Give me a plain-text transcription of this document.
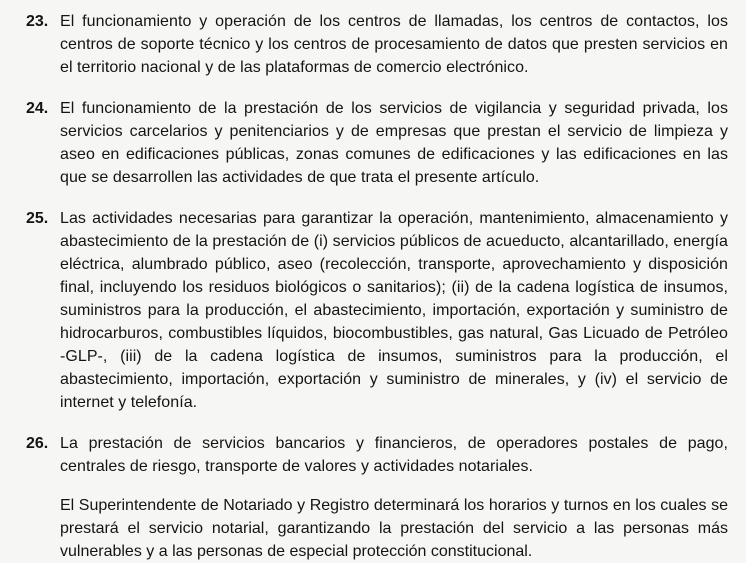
23. El funcionamiento y operación de los centros de llamadas, los centros de contactos, los centros de soporte técnico y los centros de procesamiento de datos que presten servicios en el territorio nacional y de las plataformas de comercio electrónico.
24. El funcionamiento de la prestación de los servicios de vigilancia y seguridad privada, los servicios carcelarios y penitenciarios y de empresas que prestan el servicio de limpieza y aseo en edificaciones públicas, zonas comunes de edificaciones y las edificaciones en las que se desarrollen las actividades de que trata el presente artículo.
25. Las actividades necesarias para garantizar la operación, mantenimiento, almacenamiento y abastecimiento de la prestación de (i) servicios públicos de acueducto, alcantarillado, energía eléctrica, alumbrado público, aseo (recolección, transporte, aprovechamiento y disposición final, incluyendo los residuos biológicos o sanitarios); (ii) de la cadena logística de insumos, suministros para la producción, el abastecimiento, importación, exportación y suministro de hidrocarburos, combustibles líquidos, biocombustibles, gas natural, Gas Licuado de Petróleo -GLP-, (iii) de la cadena logística de insumos, suministros para la producción, el abastecimiento, importación, exportación y suministro de minerales, y (iv) el servicio de internet y telefonía.
26. La prestación de servicios bancarios y financieros, de operadores postales de pago, centrales de riesgo, transporte de valores y actividades notariales.
El Superintendente de Notariado y Registro determinará los horarios y turnos en los cuales se prestará el servicio notarial, garantizando la prestación del servicio a las personas más vulnerables y a las personas de especial protección constitucional.
